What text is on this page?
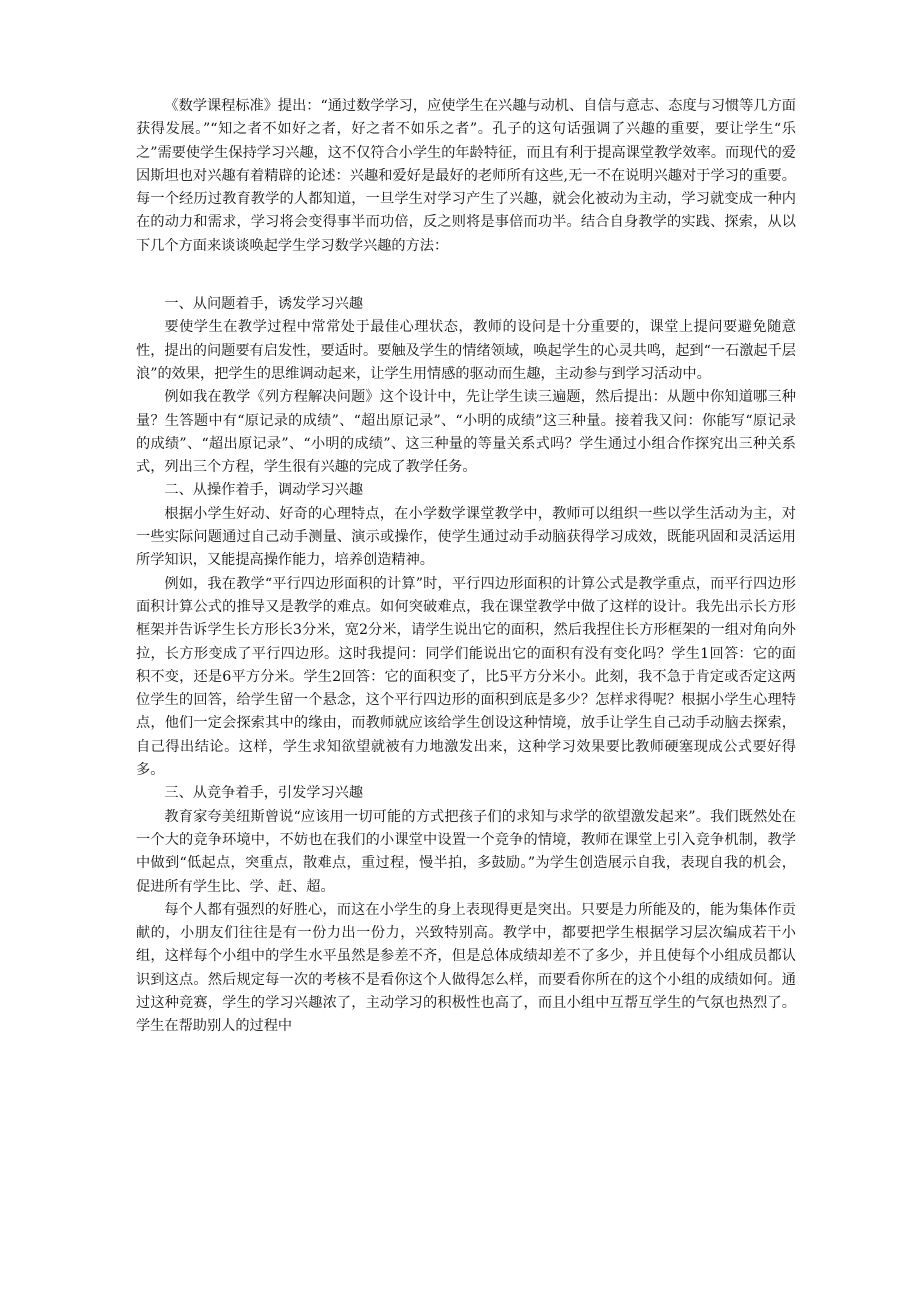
《数学课程标准》提出：“通过数学学习，应使学生在兴趣与动机、自信与意志、态度与习惯等几方面获得发展。”“知之者不如好之者，好之者不如乐之者”。孔子的这句话强调了兴趣的重要，要让学生“乐之”需要使学生保持学习兴趣，这不仅符合小学生的年龄特征，而且有利于提高课堂教学效率。而现代的爱因斯坦也对兴趣有着精辟的论述：兴趣和爱好是最好的老师所有这些,无一不在说明兴趣对于学习的重要。每一个经历过教育教学的人都知道，一旦学生对学习产生了兴趣，就会化被动为主动，学习就变成一种内在的动力和需求，学习将会变得事半而功倍，反之则将是事倍而功半。结合自身教学的实践、探索，从以下几个方面来谈谈唤起学生学习数学兴趣的方法：

一、从问题着手，诱发学习兴趣

要使学生在教学过程中常常处于最佳心理状态，教师的设问是十分重要的，课堂上提问要避免随意性，提出的问题要有启发性，要适时。要触及学生的情绪领域，唤起学生的心灵共鸣，起到“一石激起千层浪”的效果，把学生的思维调动起来，让学生用情感的驱动而生趣，主动参与到学习活动中。

例如我在教学《列方程解决问题》这个设计中，先让学生读三遍题，然后提出：从题中你知道哪三种量？生答题中有“原记录的成绩”、“超出原记录”、“小明的成绩”这三种量。接着我又问：你能写“原记录的成绩”、“超出原记录”、“小明的成绩”、这三种量的等量关系式吗？学生通过小组合作探究出三种关系式，列出三个方程，学生很有兴趣的完成了教学任务。

二、从操作着手，调动学习兴趣

根据小学生好动、好奇的心理特点，在小学数学课堂教学中，教师可以组织一些以学生活动为主，对一些实际问题通过自己动手测量、演示或操作，使学生通过动手动脑获得学习成效，既能巩固和灵活运用所学知识，又能提高操作能力，培养创造精神。

例如，我在教学“平行四边形面积的计算”时，平行四边形面积的计算公式是教学重点，而平行四边形面积计算公式的推导又是教学的难点。如何突破难点，我在课堂教学中做了这样的设计。我先出示长方形框架并告诉学生长方形长3分米，宽2分米，请学生说出它的面积，然后我捏住长方形框架的一组对角向外拉，长方形变成了平行四边形。这时我提问：同学们能说出它的面积有没有变化吗？学生1回答：它的面积不变，还是6平方分米。学生2回答：它的面积变了，比5平方分米小。此刻，我不急于肯定或否定这两位学生的回答，给学生留一个悬念，这个平行四边形的面积到底是多少？怎样求得呢？根据小学生心理特点，他们一定会探索其中的缘由，而教师就应该给学生创设这种情境，放手让学生自己动手动脑去探索，自己得出结论。这样，学生求知欲望就被有力地激发出来，这种学习效果要比教师硬塞现成公式要好得多。

三、从竞争着手，引发学习兴趣

教育家夸美纽斯曾说“应该用一切可能的方式把孩子们的求知与求学的欲望激发起来”。我们既然处在一个大的竞争环境中，不妨也在我们的小课堂中设置一个竞争的情境，教师在课堂上引入竞争机制，教学中做到“低起点，突重点，散难点，重过程，慢半拍，多鼓励。”为学生创造展示自我，表现自我的机会，促进所有学生比、学、赶、超。

每个人都有强烈的好胜心，而这在小学生的身上表现得更是突出。只要是力所能及的，能为集体作贡献的，小朋友们往往是有一份力出一份力，兴致特别高。教学中，都要把学生根据学习层次编成若干小组，这样每个小组中的学生水平虽然是参差不齐，但是总体成绩却差不了多少，并且使每个小组成员都认识到这点。然后规定每一次的考核不是看你这个人做得怎么样，而要看你所在的这个小组的成绩如何。通过这种竞赛，学生的学习兴趣浓了，主动学习的积极性也高了，而且小组中互帮互学生的气氛也热烈了。学生在帮助别人的过程中
